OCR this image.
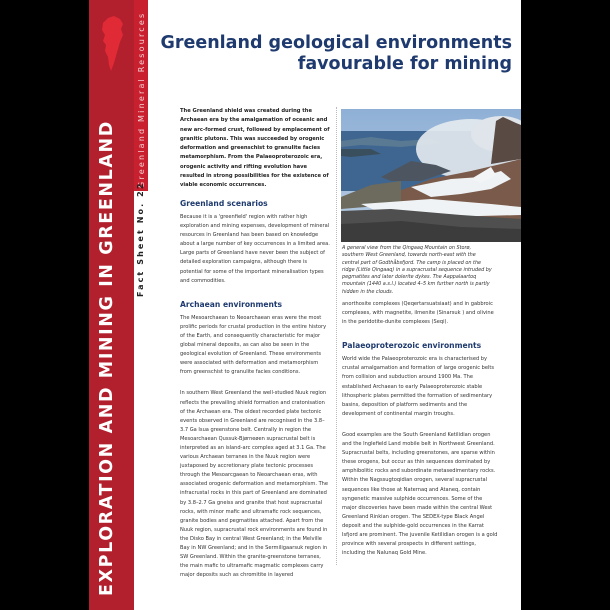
EXPLORATION AND MINING IN GREENLAND
Greenland Mineral Resources
Fact Sheet No. 22
Greenland geological environments
favourable for mining
The Greenland shield was created during the Archaean era by the amalgamation of oceanic and new arc-formed crust, followed by emplacement of granitic plutons. This was succeeded by orogenic deformation and greenschist to granulite facies metamorphism. From the Palaeoproterozoic era, orogenic activity and rifting evolution have resulted in strong possibilities for the existence of viable economic occurrences.
A general view from the Qingaaq Mountain on Storø, southern West Greenland, towards north-east with the central part of Godthåbsfjord. The camp is placed on the ridge (Little Qingaaq) in a supracrustal sequence intruded by pegmatites and later dolerite dykes. The Aappalaartoq mountain (1440 a.s.l.) located 4–5 km further north is partly hidden in the clouds.
Greenland scenarios

Because it is a 'greenfield' region with rather high exploration and mining expenses, development of mineral resources in Greenland has been based on knowledge about a large number of key occurrences in a limited area. Large parts of Greenland have never been the subject of detailed exploration campaigns, although there is potential for some of the important mineralisation types and commodities.

Archaean environments

The Mesoarchaean to Neoarchaean eras were the most prolific periods for crustal production in the entire history of the Earth, and consequently characteristic for major global mineral deposits, as can also be seen in the geological evolution of Greenland. These environments were associated with deformation and metamorphism from greenschist to granulite facies conditions.

In southern West Greenland the well-studied Nuuk region reflects the prevailing shield formation and cratonisation of the Archaean era. The oldest recorded plate tectonic events observed in Greenland are recognised in the 3.8–3.7 Ga Isua greenstone belt. Centrally in region the Mesoarchaean Qussuk-Bjørneøen supracrustal belt is interpreted as an island-arc complex aged at 3.1 Ga. The various Archaean terranes in the Nuuk region were juxtaposed by accretionary plate tectonic processes through the Mesoarcgaean to Neoarchaean eras, with associated orogenic deformation and metamorphism. The infracrustal rocks in this part of Greenland are dominated by 3.8–2.7 Ga gneiss and granite that host supracrustal rocks, with minor mafic and ultramafic rock sequences, granite bodies and pegmatites attached. Apart from the Nuuk region, supracrustal rock environments are found in the Disko Bay in central West Greenland; in the Melville Bay in NW Greenland; and in the Sermiligaarsuk region in SW Greenland. Within the granite-greenstone terranes, the main mafic to ultramafic magmatic complexes carry major deposits such as chromitite in layered

anorthosite complexes (Qeqertarsuatsiaat) and in gabbroic complexes, with magnetite, ilmenite (Sinarsuk ) and olivine in the peridotite-dunite complexes (Seqi).

Palaeoproterozoic environments

World wide the Palaeoproterozoic era is characterised by crustal amalgamation and formation of large orogenic belts from collision and subduction around 1900 Ma. The established Archaean to early Palaeoproterozoic stable lithospheric plates permitted the formation of sedimentary basins, deposition of platform sediments and the development of continental margin troughs.

Good examples are the South Greenland Ketilidian orogen and the Inglefield Land mobile belt in Northwest Greenland. Supracrustal belts, including greenstones, are sparse within these orogens, but occur as thin sequences dominated by amphibolitic rocks and subordinate metasedimentary rocks. Within the Nagssugtoqidian orogen, several supracrustal sequences like those at Naternaq and Ataneq, contain syngenetic massive sulphide occurrences. Some of the major discoveries have been made within the central West Greenland Rinkian orogen. The SEDEX-type Black Angel deposit and the sulphide-gold occurrences in the Karrat Isfjord are prominent. The juvenile Ketilidian orogen is a gold province with several prospects in different settings, including the Nalunaq Gold Mine.
